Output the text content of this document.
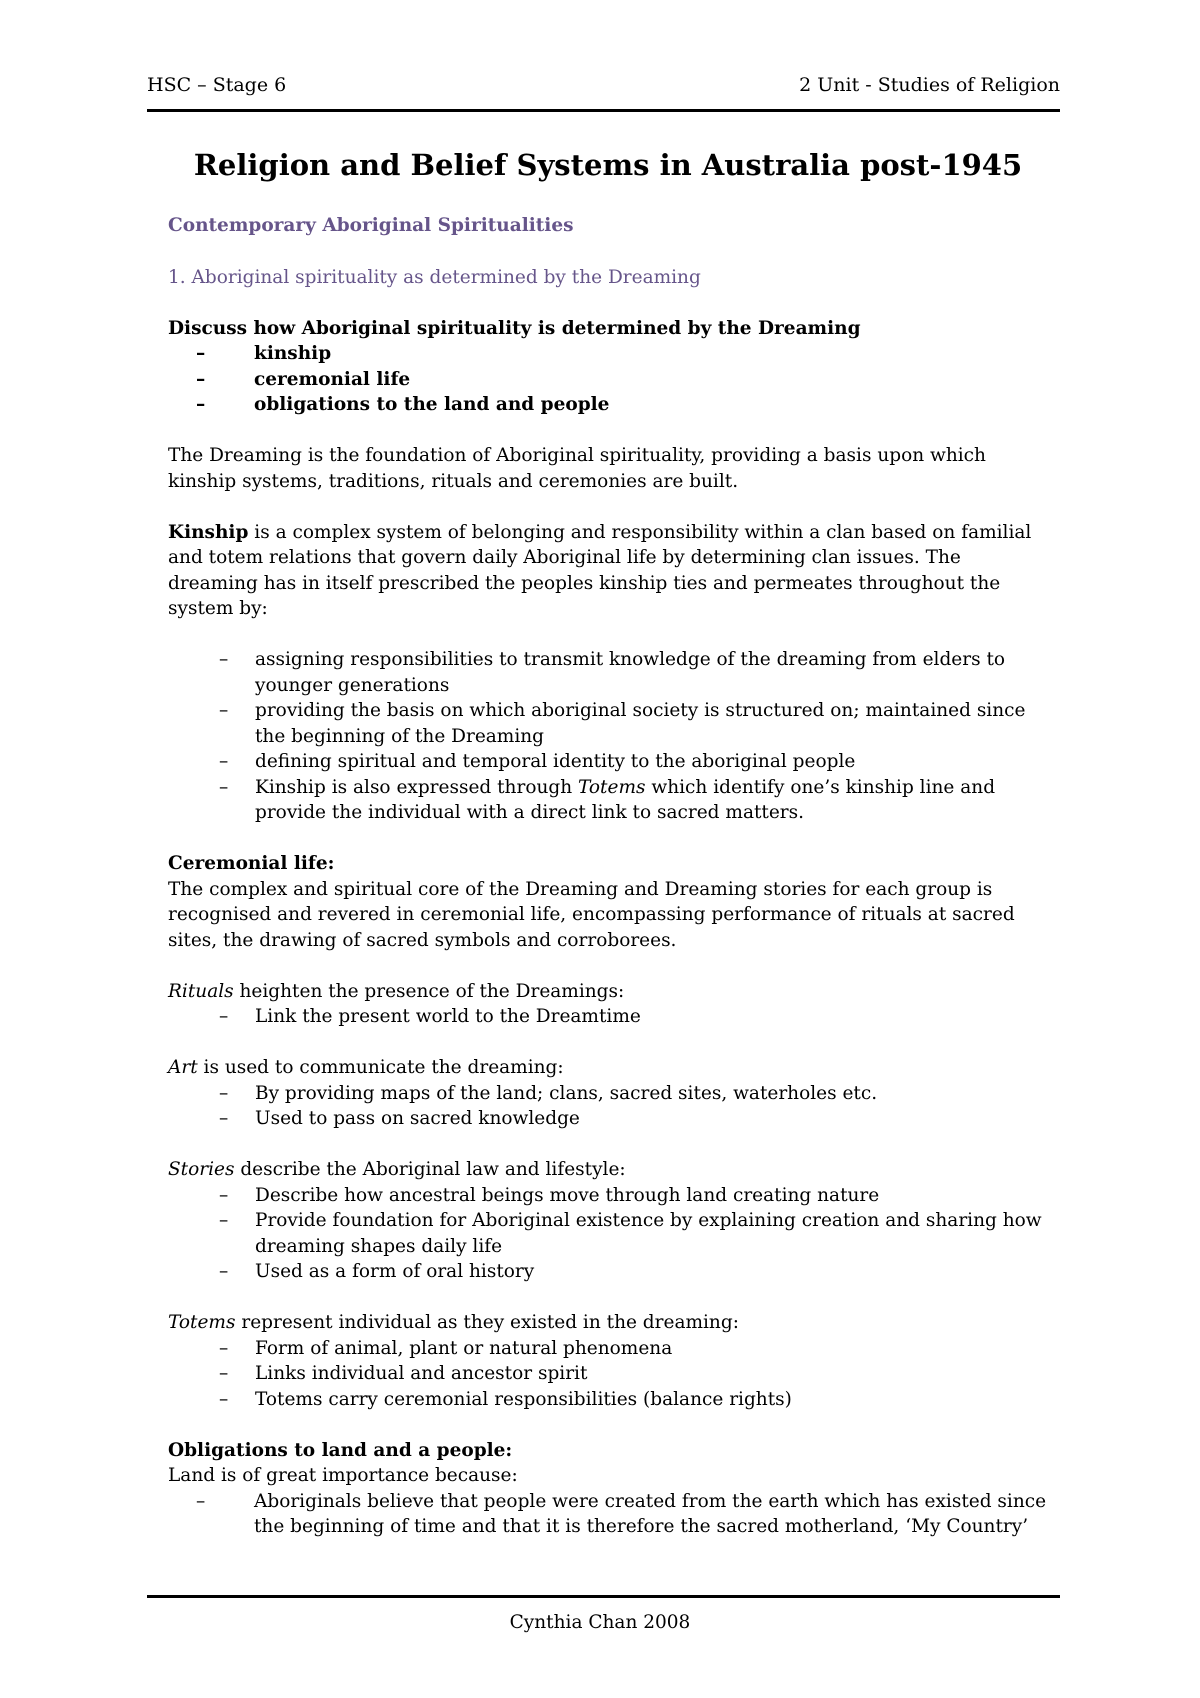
HSC – Stage 6	2 Unit - Studies of Religion
Religion and Belief Systems in Australia post-1945

Contemporary Aboriginal Spiritualities

1. Aboriginal spirituality as determined by the Dreaming

Discuss how Aboriginal spirituality is determined by the Dreaming

–	kinship
–	ceremonial life
–	obligations to the land and people

The Dreaming is the foundation of Aboriginal spirituality, providing a basis upon which kinship systems, traditions, rituals and ceremonies are built.

Kinship is a complex system of belonging and responsibility within a clan based on familial and totem relations that govern daily Aboriginal life by determining clan issues. The dreaming has in itself prescribed the peoples kinship ties and permeates throughout the system by:

– assigning responsibilities to transmit knowledge of the dreaming from elders to younger generations
– providing the basis on which aboriginal society is structured on; maintained since the beginning of the Dreaming
– defining spiritual and temporal identity to the aboriginal people
– Kinship is also expressed through Totems which identify one’s kinship line and provide the individual with a direct link to sacred matters.

Ceremonial life:

The complex and spiritual core of the Dreaming and Dreaming stories for each group is recognised and revered in ceremonial life, encompassing performance of rituals at sacred sites, the drawing of sacred symbols and corroborees.

Rituals heighten the presence of the Dreamings:

– Link the present world to the Dreamtime

Art is used to communicate the dreaming:

– By providing maps of the land; clans, sacred sites, waterholes etc.
– Used to pass on sacred knowledge

Stories describe the Aboriginal law and lifestyle:

– Describe how ancestral beings move through land creating nature
– Provide foundation for Aboriginal existence by explaining creation and sharing how dreaming shapes daily life
– Used as a form of oral history

Totems represent individual as they existed in the dreaming:

– Form of animal, plant or natural phenomena
– Links individual and ancestor spirit
– Totems carry ceremonial responsibilities (balance rights)

Obligations to land and a people:

Land is of great importance because:

–	Aboriginals believe that people were created from the earth which has existed since the beginning of time and that it is therefore the sacred motherland, ‘My Country’
Cynthia Chan 2008
